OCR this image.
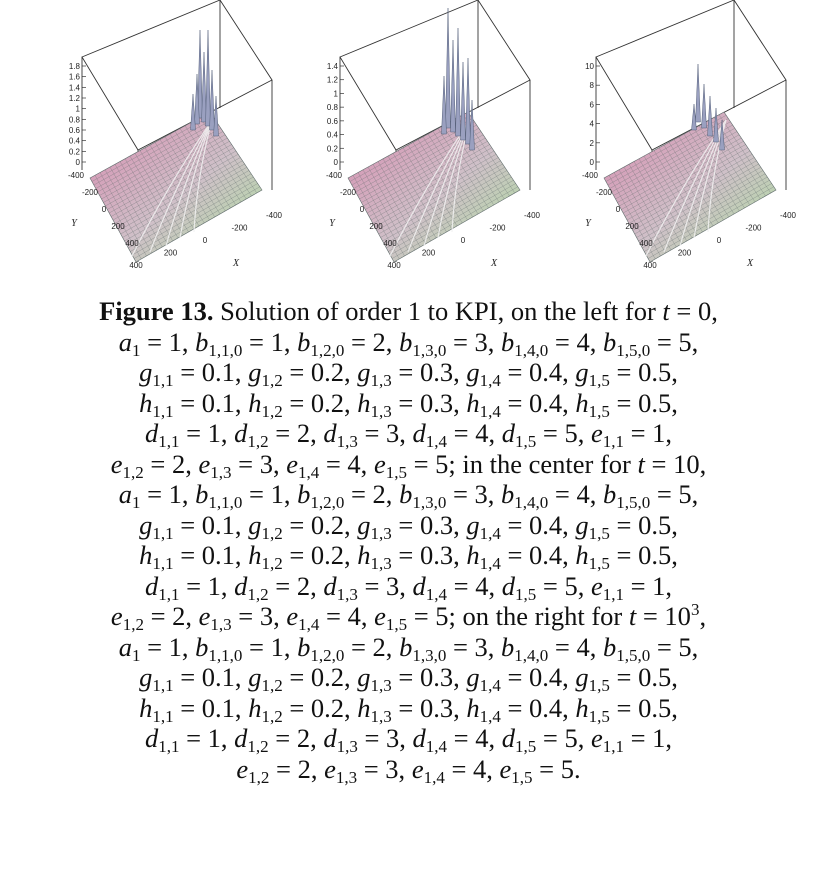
1.8
1.6
1.4
1.2
1
0.8
0.6
0.4
0.2
0
-400
-200
0
200
400
Y
-400
-200
0
200
400	X
1.4
1.2
1
0.8
0.6
0.4
0.2
0
-400
-200
0
200
400
Y
-400
-200
0
200
400	X
10
8
6
4
2
0
-400
-200
0
200
400
Y
-400
-200
0
200
400	X
Figure 13. Solution of order 1 to KPI, on the left for t = 0,
$a_1 = 1$, $b_{1,1,0} = 1$, $b_{1,2,0} = 2$, $b_{1,3,0} = 3$, $b_{1,4,0} = 4$, $b_{1,5,0} = 5$,
$g_{1,1} = 0.1$, $g_{1,2} = 0.2$, $g_{1,3} = 0.3$, $g_{1,4} = 0.4$, $g_{1,5} = 0.5$,
$h_{1,1} = 0.1$, $h_{1,2} = 0.2$, $h_{1,3} = 0.3$, $h_{1,4} = 0.4$, $h_{1,5} = 0.5$,
$d_{1,1} = 1$, $d_{1,2} = 2$, $d_{1,3} = 3$, $d_{1,4} = 4$, $d_{1,5} = 5$, $e_{1,1} = 1$,
$e_{1,2} = 2$, $e_{1,3} = 3$, $e_{1,4} = 4$, $e_{1,5} = 5$; in the center for t = 10,
$a_1 = 1$, $b_{1,1,0} = 1$, $b_{1,2,0} = 2$, $b_{1,3,0} = 3$, $b_{1,4,0} = 4$, $b_{1,5,0} = 5$,
$g_{1,1} = 0.1$, $g_{1,2} = 0.2$, $g_{1,3} = 0.3$, $g_{1,4} = 0.4$, $g_{1,5} = 0.5$,
$h_{1,1} = 0.1$, $h_{1,2} = 0.2$, $h_{1,3} = 0.3$, $h_{1,4} = 0.4$, $h_{1,5} = 0.5$,
$d_{1,1} = 1$, $d_{1,2} = 2$, $d_{1,3} = 3$, $d_{1,4} = 4$, $d_{1,5} = 5$, $e_{1,1} = 1$,
$e_{1,2} = 2$, $e_{1,3} = 3$, $e_{1,4} = 4$, $e_{1,5} = 5$; on the right for $t = 10^3$,
$a_1 = 1$, $b_{1,1,0} = 1$, $b_{1,2,0} = 2$, $b_{1,3,0} = 3$, $b_{1,4,0} = 4$, $b_{1,5,0} = 5$,
$g_{1,1} = 0.1$, $g_{1,2} = 0.2$, $g_{1,3} = 0.3$, $g_{1,4} = 0.4$, $g_{1,5} = 0.5$,
$h_{1,1} = 0.1$, $h_{1,2} = 0.2$, $h_{1,3} = 0.3$, $h_{1,4} = 0.4$, $h_{1,5} = 0.5$,
$d_{1,1} = 1$, $d_{1,2} = 2$, $d_{1,3} = 3$, $d_{1,4} = 4$, $d_{1,5} = 5$, $e_{1,1} = 1$,
$e_{1,2} = 2$, $e_{1,3} = 3$, $e_{1,4} = 4$, $e_{1,5} = 5$.
